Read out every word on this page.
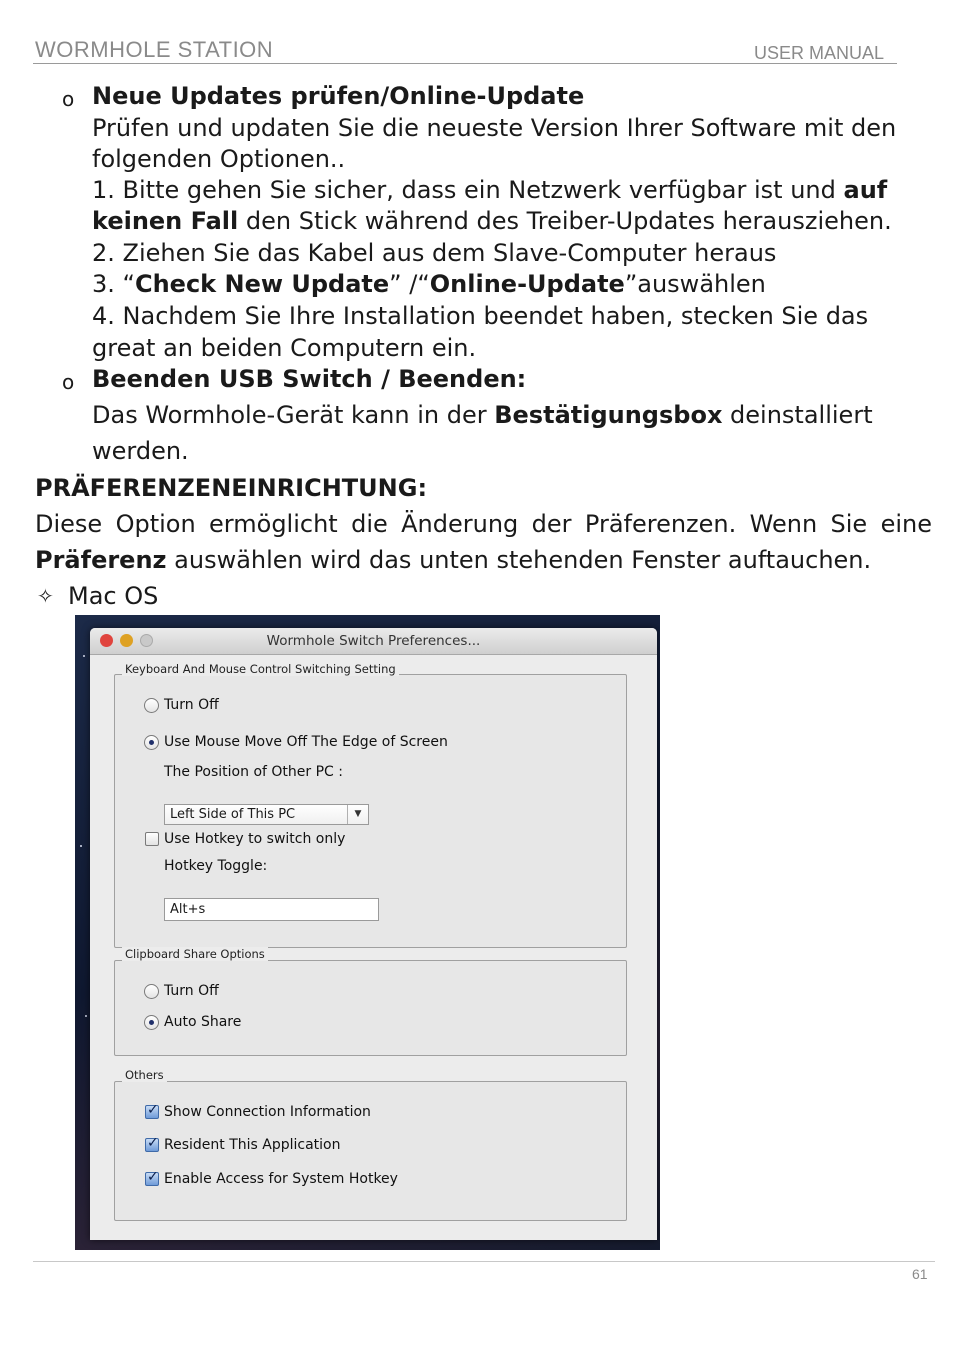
WORMHOLE STATION	USER MANUAL
o Neue Updates prüfen/Online-Update
Prüfen und updaten Sie die neueste Version Ihrer Software mit den
folgenden Optionen..
1. Bitte gehen Sie sicher, dass ein Netzwerk verfügbar ist und auf
keinen Fall den Stick während des Treiber-Updates herausziehen.
2. Ziehen Sie das Kabel aus dem Slave-Computer heraus
3. “Check New Update” /“Online-Update”auswählen
4. Nachdem Sie Ihre Installation beendet haben, stecken Sie das
great an beiden Computern ein.
o Beenden USB Switch / Beenden:
Das Wormhole-Gerät kann in der Bestätigungsbox deinstalliert
werden.
PRÄFERENZENEINRICHTUNG:
Diese Option ermöglicht die Änderung der Präferenzen. Wenn Sie eine
Präferenz auswählen wird das unten stehenden Fenster auftauchen.
✧ Mac OS
Wormhole Switch Preferences...
Keyboard And Mouse Control Switching Setting
Turn Off
Use Mouse Move Off The Edge of Screen
The Position of Other PC :
Left Side of This PC	▼
Use Hotkey to switch only
Hotkey Toggle:
Alt+s
Clipboard Share Options
Turn Off
Auto Share
Others
✓
Show Connection Information
✓
Resident This Application
✓
Enable Access for System Hotkey
61
